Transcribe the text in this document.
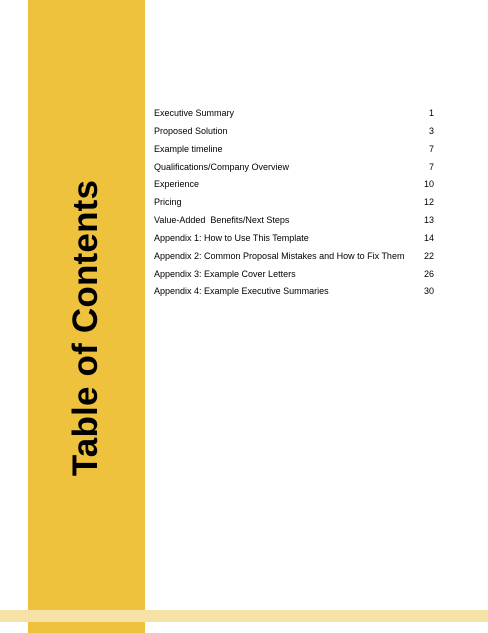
Table of Contents
Executive Summary	1
Proposed Solution	3
Example timeline	7
Qualifications/Company Overview	7
Experience	10
Pricing	12
Value-Added  Benefits/Next Steps	13
Appendix 1: How to Use This Template	14
Appendix 2: Common Proposal Mistakes and How to Fix Them	22
Appendix 3: Example Cover Letters	26
Appendix 4: Example Executive Summaries	30
